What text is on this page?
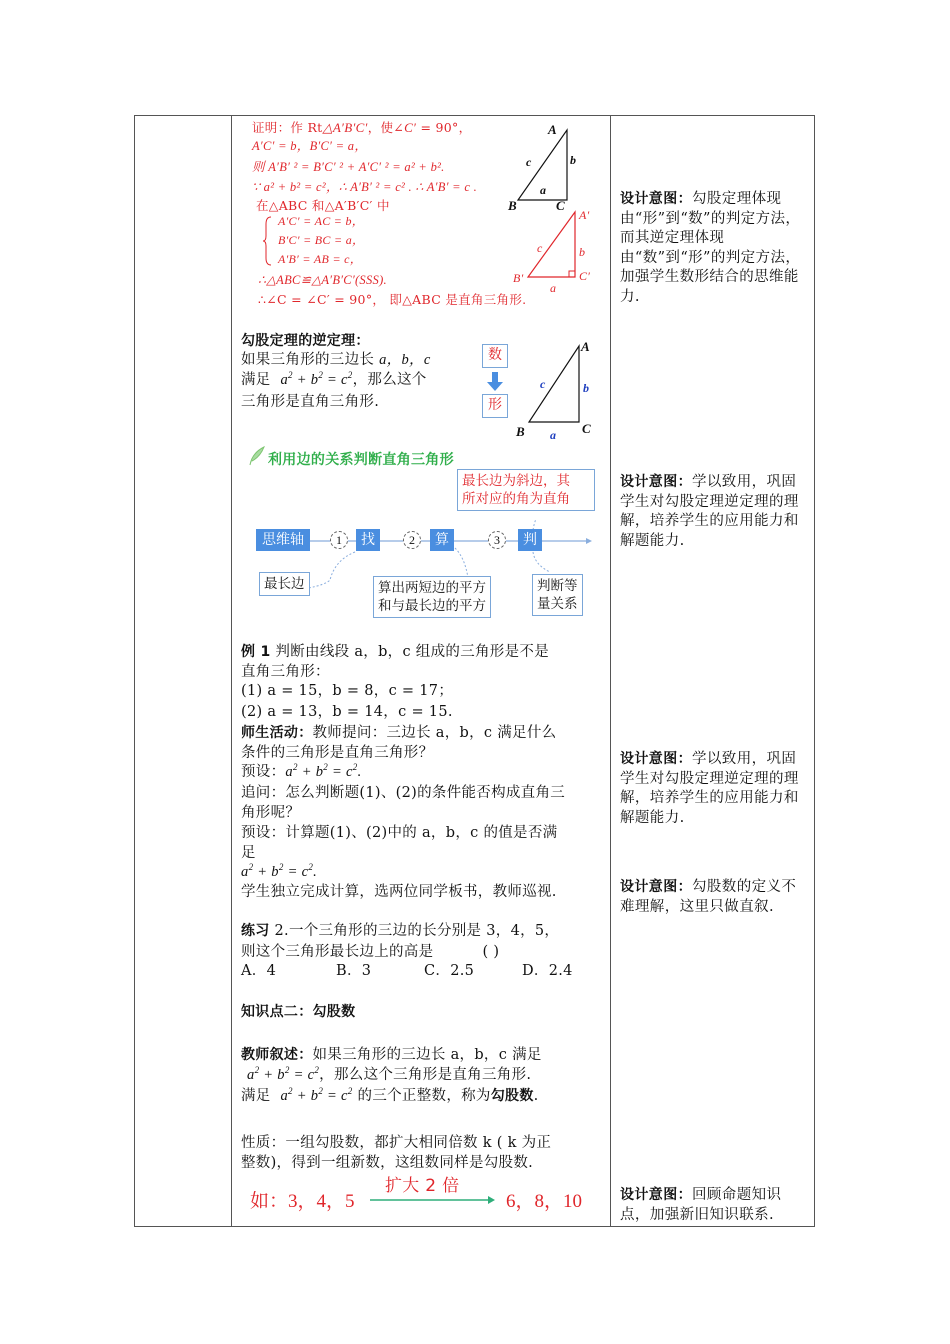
证明：作 Rt△A′B′C′，使∠C′ = 90°，
A′C′ = b，B′C′ = a，
则 A′B′ ² = B′C′ ² + A′C′ ² = a² + b².
∵ a² + b² = c²，∴ A′B′ ² = c² . ∴ A′B′ = c .
在△ABC 和△A′B′C′ 中
A′C′ = AC = b，
B′C′ = BC = a，
A′B′ = AB = c，
∴△ABC≌△A′B′C′(SSS).
∴∠C = ∠C′ = 90°， 即△ABC 是直角三角形.
A
B	C
c	b
a
A′
B′	C′
c	b
a
勾股定理的逆定理：
如果三角形的三边长 a，b，c
满足 $a^2 + b^2 = c^2$，那么这个
三角形是直角三角形.
数
形
A
B	C
c	b
a
利用边的关系判断直角三角形
最长边为斜边，其
所对应的角为直角
思维轴	1	找	2	算	3	判
最长边	算出两短边的平方
和与最长边的平方
判断等
量关系
例 1 判断由线段 a，b，c 组成的三角形是不是
直角三角形：
(1) a = 15，b = 8，c = 17；
(2) a = 13，b = 14，c = 15.
师生活动：教师提问：三边长 a，b，c 满足什么
条件的三角形是直角三角形？
预设：$a^2 + b^2 = c^2$.
追问：怎么判断题(1)、(2)的条件能否构成直角三
角形呢？
预设：计算题(1)、(2)中的 a，b，c 的值是否满
足
$a^2 + b^2 = c^2$.
学生独立完成计算，选两位同学板书，教师巡视.
练习 2.一个三角形的三边的长分别是 3，4，5，
则这个三角形最长边上的高是	( )
A．4	B．3	C．2.5	D．2.4
知识点二：勾股数
教师叙述：如果三角形的三边长 a，b，c 满足
$a^2 + b^2 = c^2$，那么这个三角形是直角三角形.
满足 $a^2 + b^2 = c^2$ 的三个正整数，称为勾股数.
性质：一组勾股数，都扩大相同倍数 k ( k 为正
整数)，得到一组新数，这组数同样是勾股数.
如：3，4，5
扩大 2 倍
6，8，10
设计意图：勾股定理体现由“形”到“数”的判定方法，而其逆定理体现由“数”到“形”的判定方法，加强学生数形结合的思维能力.
设计意图：学以致用，巩固学生对勾股定理逆定理的理解，培养学生的应用能力和解题能力.
设计意图：学以致用，巩固学生对勾股定理逆定理的理解，培养学生的应用能力和解题能力.
设计意图：勾股数的定义不难理解，这里只做直叙.
设计意图：回顾命题知识点，加强新旧知识联系.
